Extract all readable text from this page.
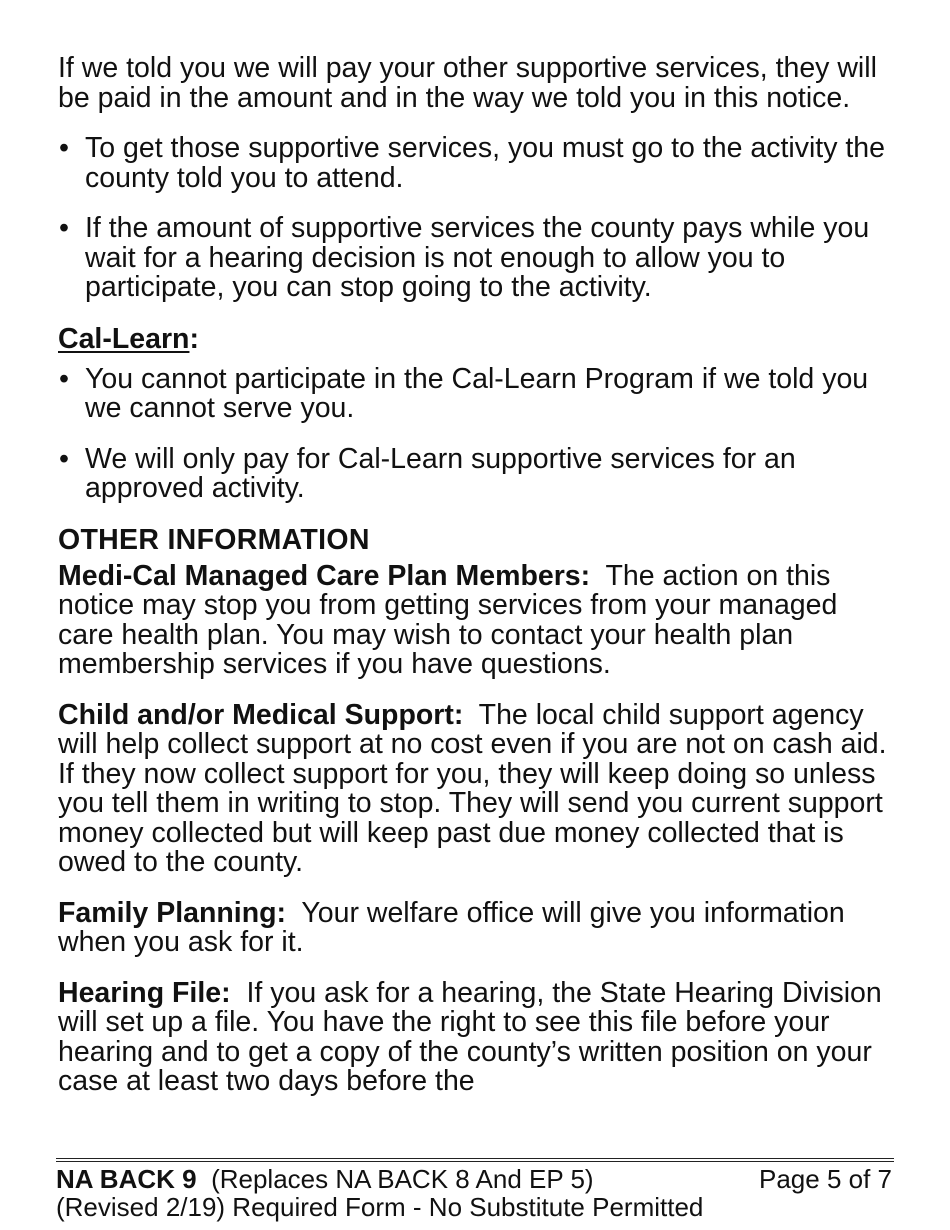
If we told you we will pay your other supportive services, they will be paid in the amount and in the way we told you in this notice.

• To get those supportive services, you must go to the activity the county told you to attend.
• If the amount of supportive services the county pays while you wait for a hearing decision is not enough to allow you to participate, you can stop going to the activity.
Cal-Learn:
• You cannot participate in the Cal-Learn Program if we told you we cannot serve you.
• We will only pay for Cal-Learn supportive services for an approved activity.
OTHER INFORMATION

Medi-Cal Managed Care Plan Members: The action on this notice may stop you from getting services from your managed care health plan. You may wish to contact your health plan membership services if you have questions.

Child and/or Medical Support: The local child support agency will help collect support at no cost even if you are not on cash aid. If they now collect support for you, they will keep doing so unless you tell them in writing to stop. They will send you current support money collected but will keep past due money collected that is owed to the county.

Family Planning: Your welfare office will give you information when you ask for it.

Hearing File: If you ask for a hearing, the State Hearing Division will set up a file. You have the right to see this file before your hearing and to get a copy of the county’s written position on your case at least two days before the

NA BACK 9 (Replaces NA BACK 8 And EP 5)	Page 5 of 7
(Revised 2/19) Required Form - No Substitute Permitted
